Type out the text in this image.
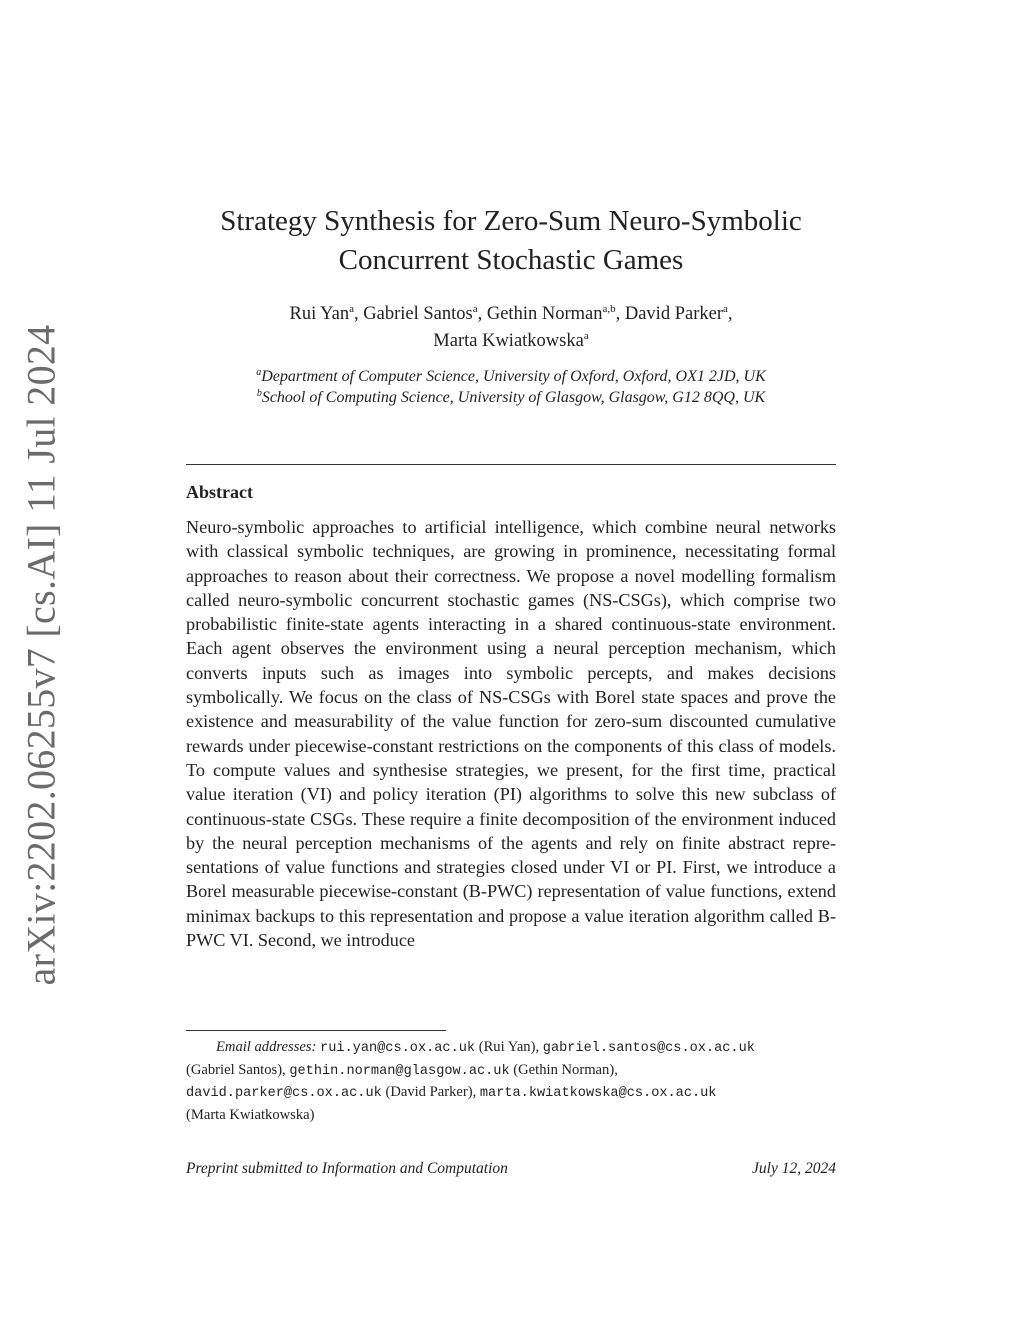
arXiv:2202.06255v7 [cs.AI] 11 Jul 2024
Strategy Synthesis for Zero-Sum Neuro-Symbolic
Concurrent Stochastic Games
Rui Yan$^a$, Gabriel Santos$^a$, Gethin Norman$^{a,b}$, David Parker$^a$,
Marta Kwiatkowska$^a$
$^a$Department of Computer Science, University of Oxford, Oxford, OX1 2JD, UK
$^b$School of Computing Science, University of Glasgow, Glasgow, G12 8QQ, UK
Abstract
Neuro-symbolic approaches to artificial intelligence, which combine neural networks with classical symbolic techniques, are growing in prominence, necessitating formal approaches to reason about their correctness. We propose a novel modelling formalism called neuro-symbolic concurrent stochastic games (NS-CSGs), which comprise two probabilistic finite-state agents interacting in a shared continuous-state environment. Each agent observes the environment using a neural perception mechanism, which converts inputs such as images into symbolic percepts, and makes decisions symbolically. We focus on the class of NS-CSGs with Borel state spaces and prove the existence and measurability of the value function for zero-sum discounted cumulative rewards under piecewise-constant restrictions on the components of this class of models. To compute values and synthesise strategies, we present, for the first time, practical value iteration (VI) and policy iteration (PI) algorithms to solve this new subclass of continuous-state CSGs. These require a finite decomposition of the environment induced by the neural perception mechanisms of the agents and rely on finite abstract representations of value functions and strategies closed under VI or PI. First, we introduce a Borel measurable piecewise-constant (B-PWC) representation of value functions, extend minimax backups to this representation and propose a value iteration algorithm called B-PWC VI. Second, we introduce
Email addresses: rui.yan@cs.ox.ac.uk (Rui Yan), gabriel.santos@cs.ox.ac.uk
(Gabriel Santos), gethin.norman@glasgow.ac.uk (Gethin Norman),
david.parker@cs.ox.ac.uk (David Parker), marta.kwiatkowska@cs.ox.ac.uk
(Marta Kwiatkowska)
Preprint submitted to Information and Computation	July 12, 2024
